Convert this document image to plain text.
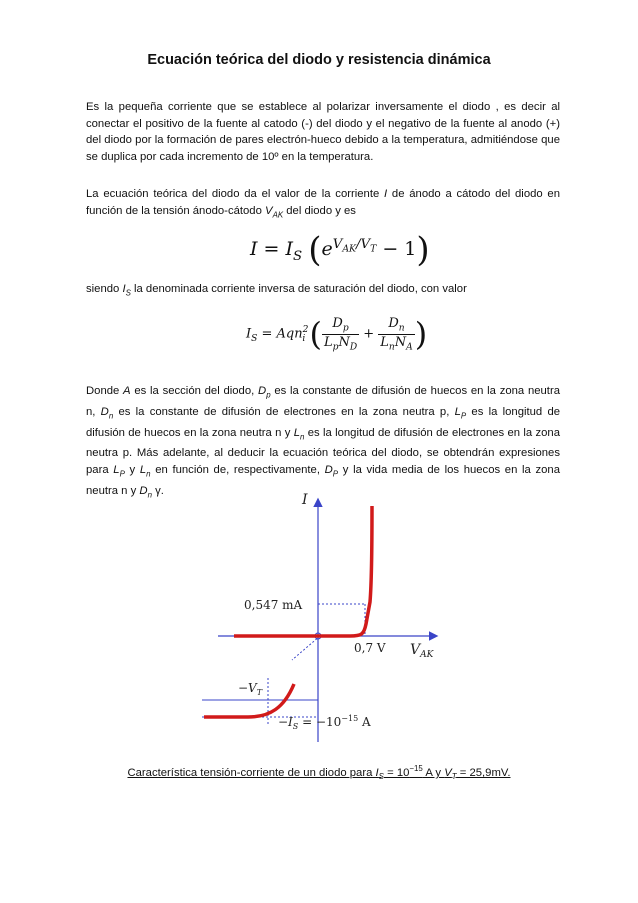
Ecuación teórica del diodo y resistencia dinámica

Es la pequeña corriente que se establece al polarizar inversamente el diodo , es decir al conectar el positivo de la fuente al catodo (-) del diodo y el negativo de la fuente al anodo (+) del diodo por la formación de pares electrón-hueco debido a la temperatura, admitiéndose que se duplica por cada incremento de 10º en la temperatura.

La ecuación teórica del diodo da el valor de la corriente I de ánodo a cátodo del diodo en función de la tensión ánodo-cátodo $V_{AK}$ del diodo y es

$I = I_S$ $(e^{V_{AK}/V_T} - 1)$

siendo $I_S$ la denominada corriente inversa de saturación del diodo, con valor

$I_S = Aqn^2_i$ ( $\frac{D_p}{L_pN_D} + \frac{D_n}{L_nN_A}$ )

Donde A es la sección del diodo, $D_p$ es la constante de difusión de huecos en la zona neutra n, $D_n$ es la constante de difusión de electrones en la zona neutra p, $L_P$ es la longitud de difusión de huecos en la zona neutra n y $L_n$ es la longitud de difusión de electrones en la zona neutra p. Más adelante, al deducir la ecuación teórica del diodo, se obtendrán expresiones para $L_P$ y $L_n$ en función de, respectivamente, $D_P$ y la vida media de los huecos en la zona neutra n y $D_n$ γ.

I
$V_{AK}$
0,547 mA
0,7 V
$-V_T$
$-I_S = -10^{-15}$ A
Característica tensión-corriente de un diodo para $I_S = 10^{-15}$ A y $V_T = 25,9mV$.
